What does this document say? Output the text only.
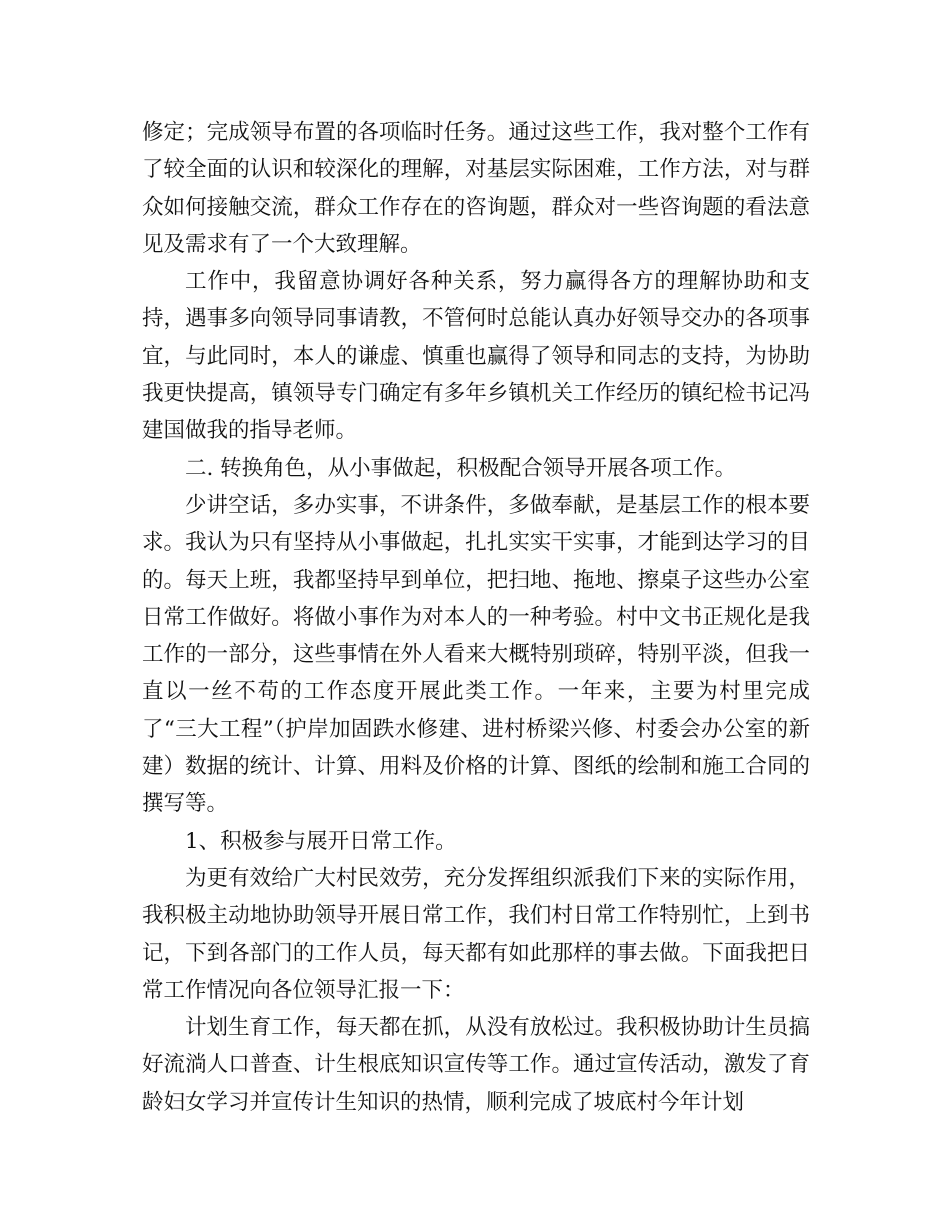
修定；完成领导布置的各项临时任务。通过这些工作，我对整个工作有了较全面的认识和较深化的理解，对基层实际困难，工作方法，对与群众如何接触交流，群众工作存在的咨询题，群众对一些咨询题的看法意见及需求有了一个大致理解。

工作中，我留意协调好各种关系，努力赢得各方的理解协助和支持，遇事多向领导同事请教，不管何时总能认真办好领导交办的各项事宜，与此同时，本人的谦虚、慎重也赢得了领导和同志的支持，为协助我更快提高，镇领导专门确定有多年乡镇机关工作经历的镇纪检书记冯建国做我的指导老师。

二. 转换角色，从小事做起，积极配合领导开展各项工作。

少讲空话，多办实事，不讲条件，多做奉献，是基层工作的根本要求。我认为只有坚持从小事做起，扎扎实实干实事，才能到达学习的目的。每天上班，我都坚持早到单位，把扫地、拖地、擦桌子这些办公室日常工作做好。将做小事作为对本人的一种考验。村中文书正规化是我工作的一部分，这些事情在外人看来大概特别琐碎，特别平淡，但我一直以一丝不苟的工作态度开展此类工作。一年来，主要为村里完成了“三大工程”（护岸加固跌水修建、进村桥梁兴修、村委会办公室的新建）数据的统计、计算、用料及价格的计算、图纸的绘制和施工合同的撰写等。

1、积极参与展开日常工作。

为更有效给广大村民效劳，充分发挥组织派我们下来的实际作用，我积极主动地协助领导开展日常工作，我们村日常工作特别忙，上到书记，下到各部门的工作人员，每天都有如此那样的事去做。下面我把日常工作情况向各位领导汇报一下：

计划生育工作，每天都在抓，从没有放松过。我积极协助计生员搞好流淌人口普查、计生根底知识宣传等工作。通过宣传活动，激发了育龄妇女学习并宣传计生知识的热情，顺利完成了坡底村今年计划
